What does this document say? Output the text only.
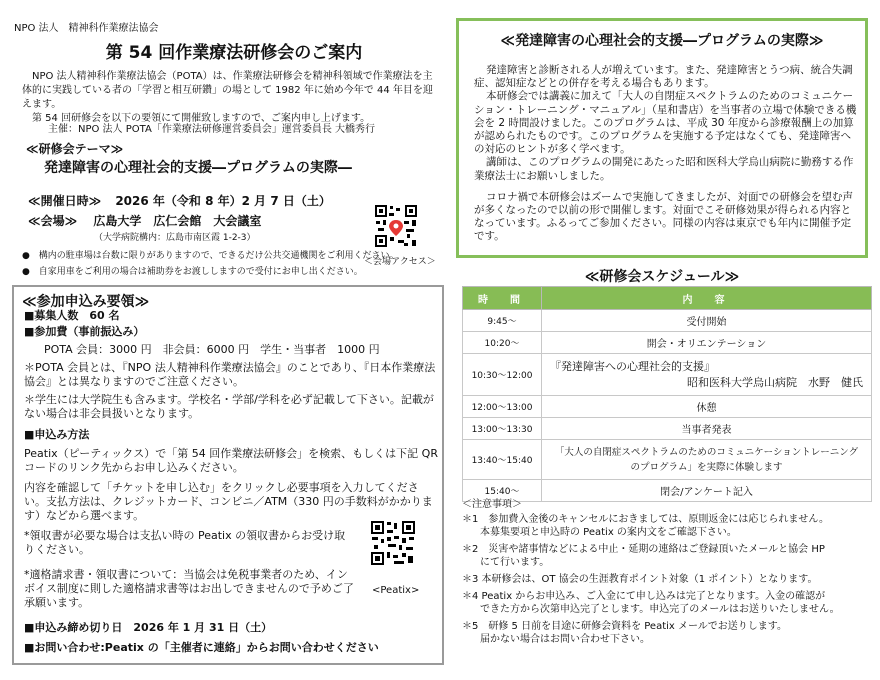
NPO 法人　精神科作業療法協会
第 54 回作業療法研修会のご案内

NPO 法人精神科作業療法協会（POTA）は、作業療法研修会を精神科領域で作業療法を主体的に実践している者の「学習と相互研鑽」の場として 1982 年に始め今年で 44 年目を迎えます。

第 54 回研修会を以下の要領にて開催致しますので、ご案内申し上げます。

主催：NPO 法人 POTA「作業療法研修運営委員会」運営委員長 大橋秀行
≪研修会テーマ≫
発達障害の心理社会的支援―プログラムの実際―
≪開催日時≫ 2026 年（令和 8 年）2 月 7 日（土）
≪会場≫ 広島大学　広仁会館　大会議室
（大学病院構内：広島市南区霞 1-2-3）
● 構内の駐車場は台数に限りがありますので、できるだけ公共交通機関をご利用ください。
● 自家用車をご利用の場合は補助券をお渡ししますので受付にお申し出ください。
＜会場アクセス＞
≪参加申込み要領≫
■募集人数　60 名
■参加費（事前振込み）
POTA 会員：3000 円　非会員：6000 円　学生・当事者　1000 円
＊POTA 会員とは、『NPO 法人精神科作業療法協会』のことであり、『日本作業療法協会』とは異なりますのでご注意ください。
＊学生には大学院生も含みます。学校名・学部/学科を必ず記載して下さい。記載がない場合は非会員扱いとなります。
■申込み方法
Peatix（ピーティックス）で「第 54 回作業療法研修会」を検索、もしくは下記 QR コードのリンク先からお申し込みください。
内容を確認して「チケットを申し込む」をクリックし必要事項を入力してください。支払方法は、クレジットカード、コンビニ／ATM（330 円の手数料がかかります）などから選べます。
*領収書が必要な場合は支払い時の Peatix の領収書からお受け取りください。
*適格請求書・領収書について：当協会は免税事業者のため、インボイス制度に則した適格請求書等はお出しできませんので予めご了承願います。
<Peatix>
■申込み締め切り日　2026 年 1 月 31 日（土）
■お問い合わせ:Peatix の「主催者に連絡」からお問い合わせください
≪発達障害の心理社会的支援―プログラムの実際≫

発達障害と診断される人が増えています。また、発達障害とうつ病、統合失調症、認知症などとの併存を考える場合もあります。

本研修会では講義に加えて「大人の自閉症スペクトラムのためのコミュニケーション・トレーニング・マニュアル」（星和書店）を当事者の立場で体験できる機会を 2 時間設けました。このプログラムは、平成 30 年度から診療報酬上の加算が認められたものです。このプログラムを実施する予定はなくても、発達障害への対応のヒントが多く学べます。

講師は、このプログラムの開発にあたった昭和医科大学烏山病院に勤務する作業療法士にお願いしました。

コロナ禍で本研修会はズームで実施してきましたが、対面での研修会を望む声が多くなったので以前の形で開催します。対面でこそ研修効果が得られる内容となっています。ふるってご参加ください。同様の内容は東京でも年内に開催予定です。

≪研修会スケジュール≫
時　間	内　容
9:45～	受付開始
10:20～	開会・オリエンテーション
10:30～12:00	『発達障害への心理社会的支援』
昭和医科大学烏山病院　水野　健氏

12:00～13:00	休憩
13:00～13:30	当事者発表
13:40～15:40	「大人の自閉症スペクトラムのためのコミュニケーショントレーニング
のプログラム」を実際に体験します

15:40～	閉会/アンケート記入
＜注意事項＞
＊1　参加費入金後のキャンセルにおきましては、原則返金には応じられません。
本募集要項と申込時の Peatix の案内文をご確認下さい。
＊2　災害や諸事情などによる中止・延期の連絡はご登録頂いたメールと協会 HP
にて行います。
＊3 本研修会は、OT 協会の生涯教育ポイント対象（1 ポイント）となります。
＊4 Peatix からお申込み、ご入金にて申し込みは完了となります。入金の確認が
できた方から次第申込完了とします。申込完了のメールはお送りいたしません。
＊5　研修 5 日前を目途に研修会資料を Peatix メールでお送りします。
届かない場合はお問い合わせ下さい。
